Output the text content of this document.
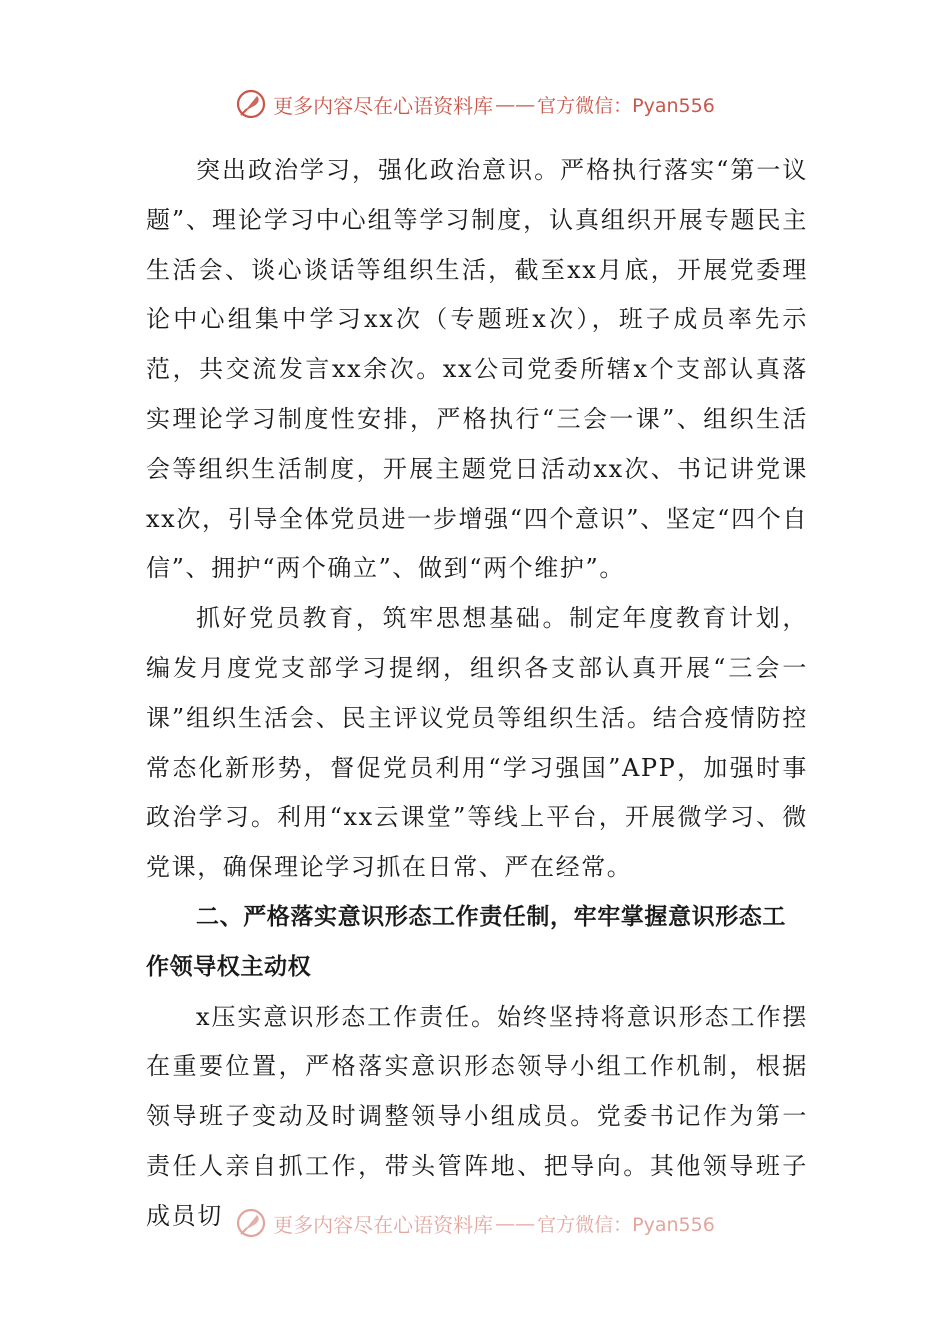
更多内容尽在心语资料库 —— 官方微信：Pyan556

突出政治学习，强化政治意识。严格执行落实“第一议题”、理论学习中心组等学习制度，认真组织开展专题民主生活会、谈心谈话等组织生活，截至xx月底，开展党委理论中心组集中学习xx次（专题班x次），班子成员率先示范，共交流发言xx余次。xx公司党委所辖x个支部认真落实理论学习制度性安排，严格执行“三会一课”、组织生活会等组织生活制度，开展主题党日活动xx次、书记讲党课xx次，引导全体党员进一步增强“四个意识”、坚定“四个自信”、拥护“两个确立”、做到“两个维护”。

抓好党员教育，筑牢思想基础。制定年度教育计划，编发月度党支部学习提纲，组织各支部认真开展“三会一课”组织生活会、民主评议党员等组织生活。结合疫情防控常态化新形势，督促党员利用“学习强国”APP，加强时事政治学习。利用“xx云课堂”等线上平台，开展微学习、微党课，确保理论学习抓在日常、严在经常。

二、严格落实意识形态工作责任制，牢牢掌握意识形态工作领导权主动权

x压实意识形态工作责任。始终坚持将意识形态工作摆在重要位置，严格落实意识形态领导小组工作机制，根据领导班子变动及时调整领导小组成员。党委书记作为第一责任人亲自抓工作，带头管阵地、把导向。其他领导班子成员切	更多内容尽在心语资料库 —— 官方微信：Pyan556
